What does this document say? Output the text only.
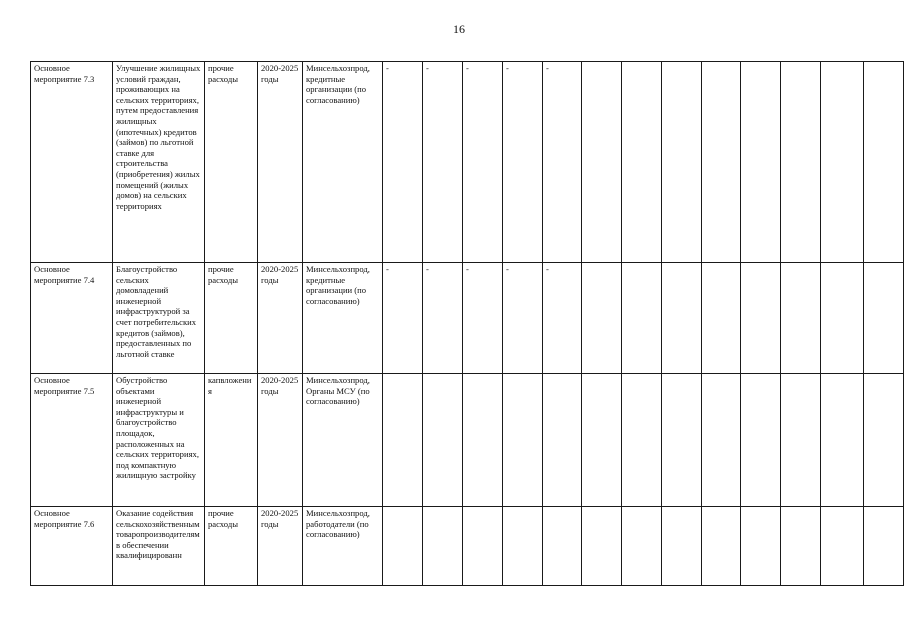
16
Основное мероприятие 7.3	Улучшение жилищных условий граждан, проживающих на сельских территориях, путем предоставления жилищных (ипотечных) кредитов (займов) по льготной ставке для строительства (приобретения) жилых помещений (жилых домов) на сельских территориях	прочие расходы	2020-2025 годы	Минсельхозпрод, кредитные организации (по согласованию)	-	-	-	-	-								

Основное мероприятие 7.4	Благоустройство сельских домовладений инженерной инфраструктурой за счет потребительских кредитов (займов), предоставленных по льготной ставке	прочие расходы	2020-2025 годы	Минсельхозпрод, кредитные организации (по согласованию)	-	-	-	-	-								

Основное мероприятие 7.5	Обустройство объектами инженерной инфраструктуры и благоустройство площадок, расположенных на сельских территориях, под компактную жилищную застройку	капвложения	2020-2025 годы	Минсельхозпрод, Органы МСУ (по согласованию)													

Основное мероприятие 7.6	Оказание содействия сельскохозяйственным товаропроизводителям в обеспечении квалифицированн	прочие расходы	2020-2025 годы	Минсельхозпрод, работодатели (по согласованию)													
